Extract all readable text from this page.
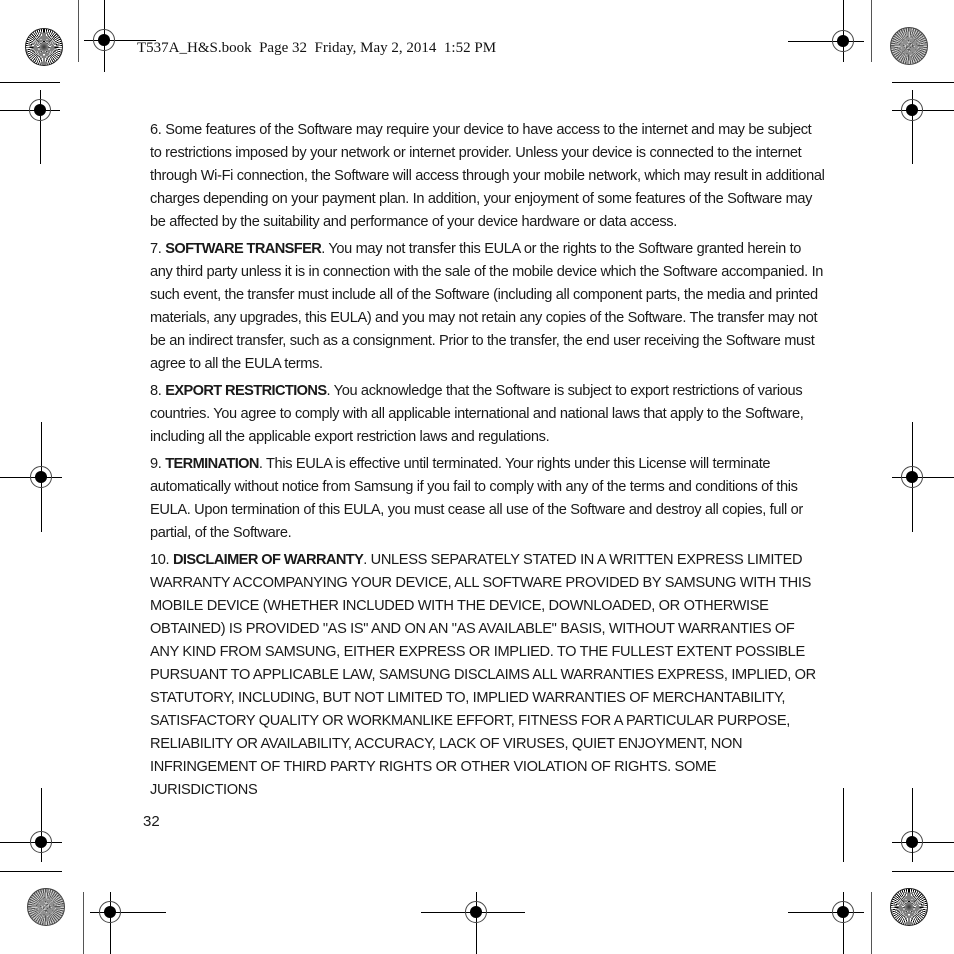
T537A_H&S.book  Page 32  Friday, May 2, 2014  1:52 PM

6. Some features of the Software may require your device to have access to the internet and may be subject to restrictions imposed by your network or internet provider. Unless your device is connected to the internet through Wi-Fi connection, the Software will access through your mobile network, which may result in additional charges depending on your payment plan. In addition, your enjoyment of some features of the Software may be affected by the suitability and performance of your device hardware or data access.

7. SOFTWARE TRANSFER. You may not transfer this EULA or the rights to the Software granted herein to any third party unless it is in connection with the sale of the mobile device which the Software accompanied. In such event, the transfer must include all of the Software (including all component parts, the media and printed materials, any upgrades, this EULA) and you may not retain any copies of the Software. The transfer may not be an indirect transfer, such as a consignment. Prior to the transfer, the end user receiving the Software must agree to all the EULA terms.

8. EXPORT RESTRICTIONS. You acknowledge that the Software is subject to export restrictions of various countries. You agree to comply with all applicable international and national laws that apply to the Software, including all the applicable export restriction laws and regulations.

9. TERMINATION. This EULA is effective until terminated. Your rights under this License will terminate automatically without notice from Samsung if you fail to comply with any of the terms and conditions of this EULA. Upon termination of this EULA, you must cease all use of the Software and destroy all copies, full or partial, of the Software.

10. DISCLAIMER OF WARRANTY. UNLESS SEPARATELY STATED IN A WRITTEN EXPRESS LIMITED WARRANTY ACCOMPANYING YOUR DEVICE, ALL SOFTWARE PROVIDED BY SAMSUNG WITH THIS MOBILE DEVICE (WHETHER INCLUDED WITH THE DEVICE, DOWNLOADED, OR OTHERWISE OBTAINED) IS PROVIDED "AS IS" AND ON AN "AS AVAILABLE" BASIS, WITHOUT WARRANTIES OF ANY KIND FROM SAMSUNG, EITHER EXPRESS OR IMPLIED. TO THE FULLEST EXTENT POSSIBLE PURSUANT TO APPLICABLE LAW, SAMSUNG DISCLAIMS ALL WARRANTIES EXPRESS, IMPLIED, OR STATUTORY, INCLUDING, BUT NOT LIMITED TO, IMPLIED WARRANTIES OF MERCHANTABILITY, SATISFACTORY QUALITY OR WORKMANLIKE EFFORT, FITNESS FOR A PARTICULAR PURPOSE, RELIABILITY OR AVAILABILITY, ACCURACY, LACK OF VIRUSES, QUIET ENJOYMENT, NON INFRINGEMENT OF THIRD PARTY RIGHTS OR OTHER VIOLATION OF RIGHTS. SOME JURISDICTIONS

32
